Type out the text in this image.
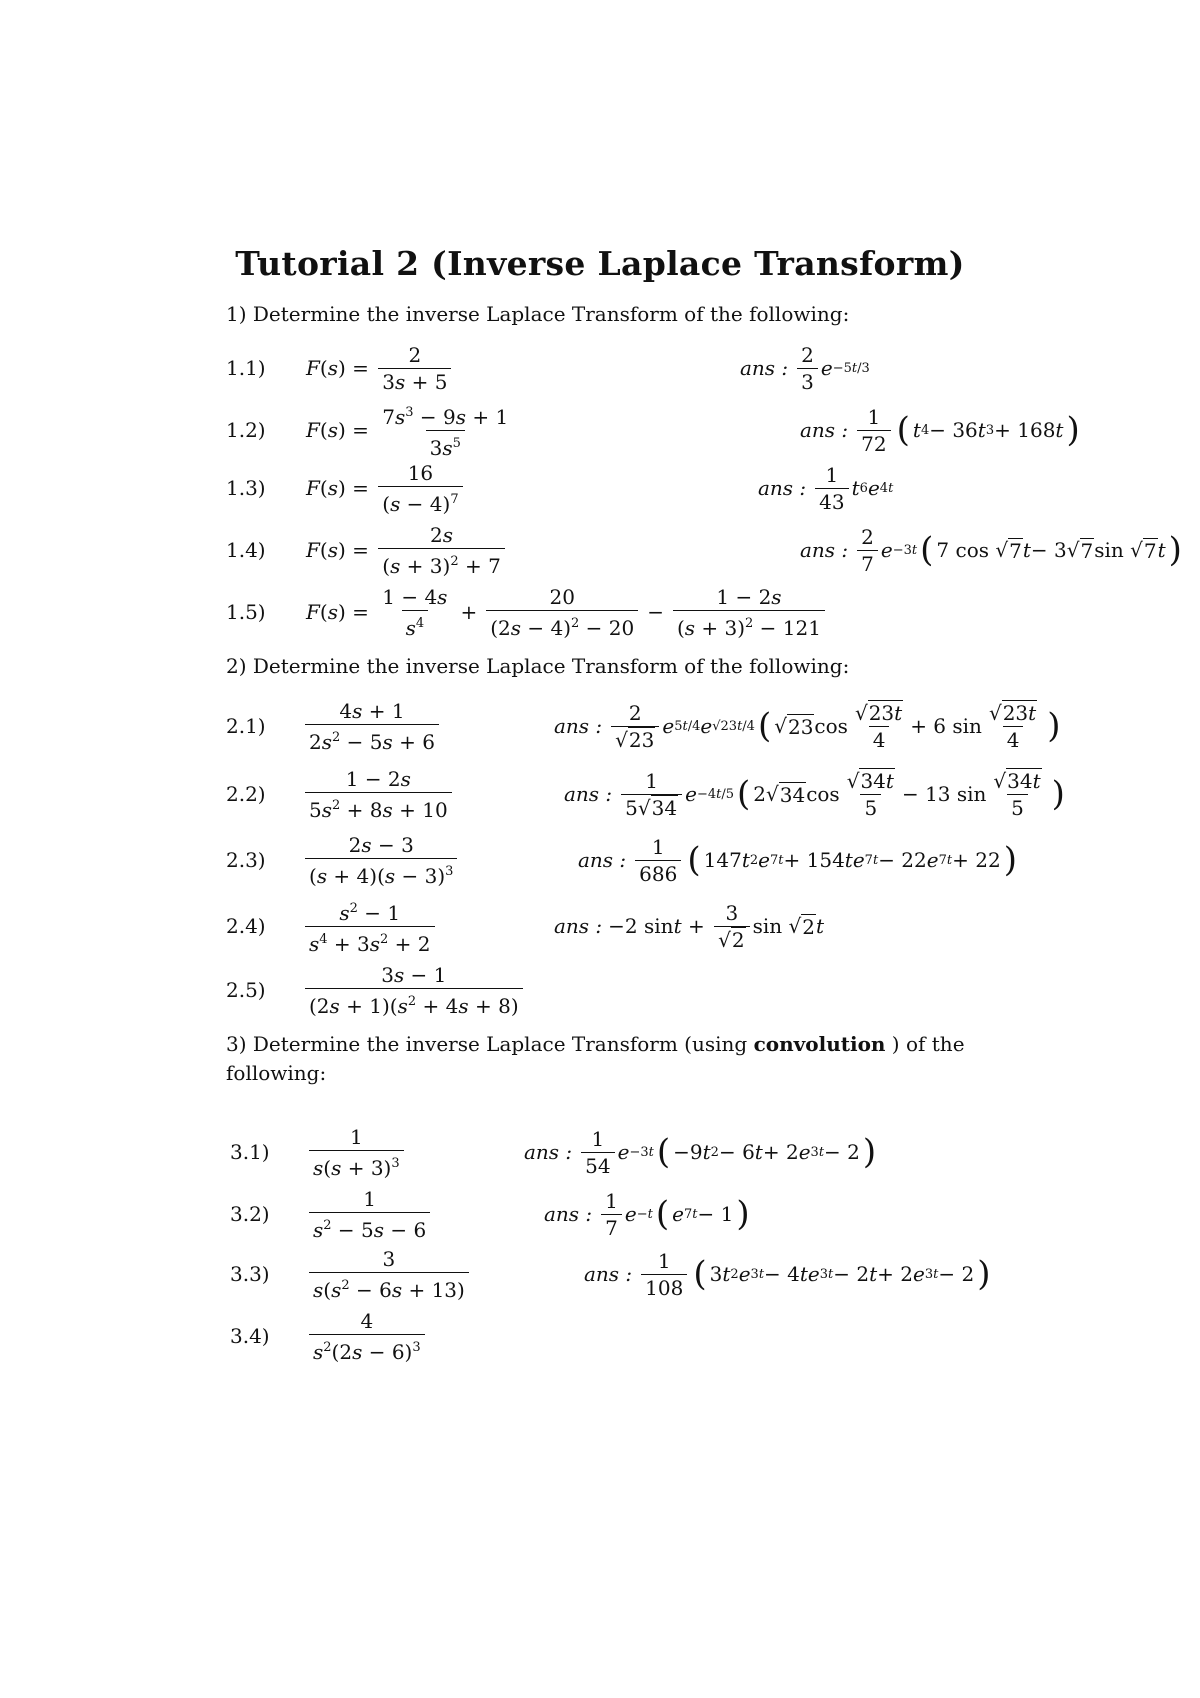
Tutorial 2 (Inverse Laplace Transform)
1) Determine the inverse Laplace Transform of the following:
1.1) F ( s ) = $\frac{2}{3s + 5}$	ans : $\frac{2}{3}$ e −5t/3
1.2) F ( s ) = $\frac{7s^3 - 9s + 1}{3s^5}$	ans : $\frac{1}{72}$ ( t 4 − 36 t 3 + 168 t )
1.3) F ( s ) = $\frac{16}{(s - 4)^7}$	ans : $\frac{1}{43}$ t 6 e 4t
1.4) F ( s ) = $\frac{2s}{(s + 3)^2 + 7}$	ans : $\frac{2}{7}$ e −3t ( 7 cos √ 7 t − 3√ 7 sin √ 7 t )
1.5) F ( s ) = $\frac{1 - 4s}{s^4} + \frac{20}{(2s - 4)^2 - 20} - \frac{1 - 2s}{(s + 3)^2 - 121}$
2) Determine the inverse Laplace Transform of the following:
$2.1) \frac{4s + 1}{2s^2 - 5s + 6}$	ans : $\frac{2}{√23}$ e 5t/4 e √23t/4 ( √ 23 $\cos \frac{√23t}{4} + 6$ $\sin \frac{√23t}{4}$ )
$2.2) \frac{1 - 2s}{5s^2 + 8s + 10}$	ans : $\frac{1}{5√34}$ e −4t/5 ( 2√ 34 $\cos \frac{√34t}{5} - 13$ $\sin \frac{√34t}{5}$ )
$2.3) \frac{2s - 3}{(s + 4)(s - 3)^3}$	ans : $\frac{1}{686}$ ( 147 t 2 e 7t + 154 te 7t − 22 e 7t + 22 )
$2.4) \frac{s^2 - 1}{s^4 + 3s^2 + 2}$	ans : −2 $\sin t + \frac{3}{√2}$ sin √ 2 t
$2.5) \frac{3s - 1}{(2s + 1)(s^2 + 4s + 8)}$
3) Determine the inverse Laplace Transform (using convolution ) of the following:
$3.1) \frac{1}{s(s + 3)^3}$	ans : $\frac{1}{54}$ e −3t ( −9 t 2 − 6 t + 2 e 3t − 2 )
$3.2) \frac{1}{s^2 - 5s - 6}$	ans : $\frac{1}{7}$ e −t ( e 7t − 1 )
$3.3) \frac{3}{s(s^2 - 6s + 13)}$	ans : $\frac{1}{108}$ ( 3 t 2 e 3t − 4 te 3t − 2 t + 2 e 3t − 2 )
$3.4) \frac{4}{s^2(2s - 6)^3}$
